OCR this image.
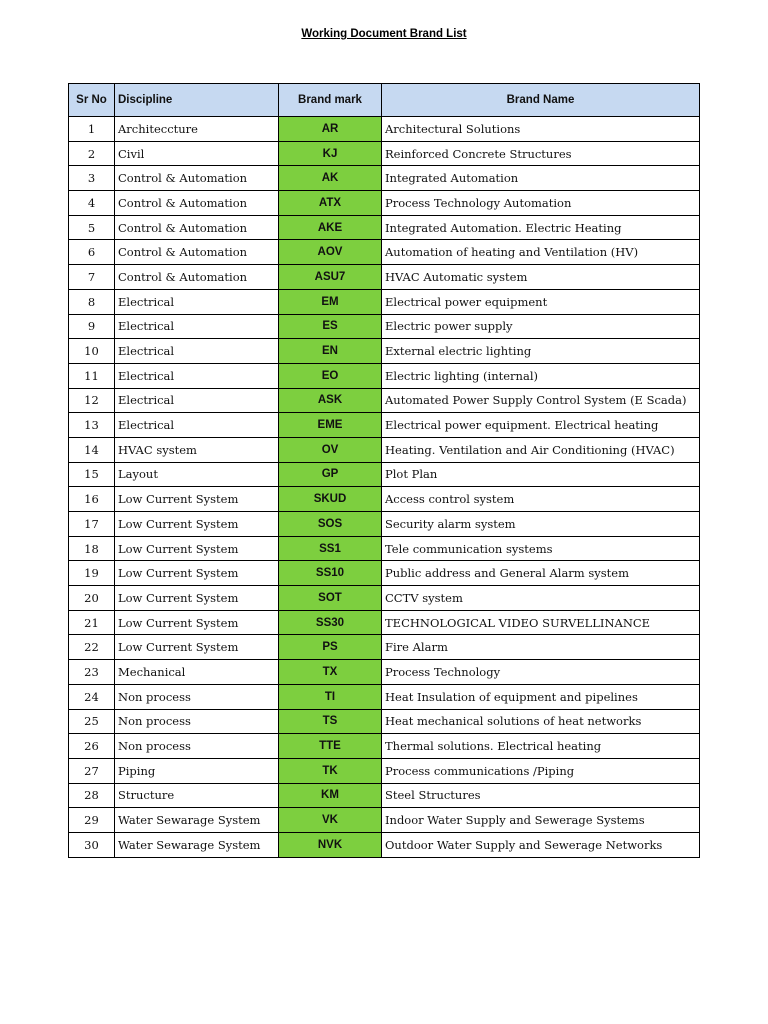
Working Document Brand List
Sr No	Discipline	Brand mark	Brand Name
1	Architeccture	AR	Architectural Solutions
2	Civil	KJ	Reinforced Concrete Structures
3	Control & Automation	AK	Integrated Automation
4	Control & Automation	ATX	Process Technology Automation
5	Control & Automation	AKE	Integrated Automation. Electric Heating
6	Control & Automation	AOV	Automation of heating and Ventilation (HV)
7	Control & Automation	ASU7	HVAC Automatic system
8	Electrical	EM	Electrical power equipment
9	Electrical	ES	Electric power supply
10	Electrical	EN	External electric lighting
11	Electrical	EO	Electric lighting (internal)
12	Electrical	ASK	Automated Power Supply Control System (E Scada)
13	Electrical	EME	Electrical power equipment. Electrical heating
14	HVAC system	OV	Heating. Ventilation and Air Conditioning (HVAC)
15	Layout	GP	Plot Plan
16	Low Current System	SKUD	Access control system
17	Low Current System	SOS	Security alarm system
18	Low Current System	SS1	Tele communication systems
19	Low Current System	SS10	Public address and General Alarm system
20	Low Current System	SOT	CCTV system
21	Low Current System	SS30	TECHNOLOGICAL VIDEO SURVELLINANCE
22	Low Current System	PS	Fire Alarm
23	Mechanical	TX	Process Technology
24	Non process	TI	Heat Insulation of equipment and pipelines
25	Non process	TS	Heat mechanical solutions of heat networks
26	Non process	TTE	Thermal solutions. Electrical heating
27	Piping	TK	Process communications /Piping
28	Structure	KM	Steel Structures
29	Water Sewarage System	VK	Indoor Water Supply and Sewerage Systems
30	Water Sewarage System	NVK	Outdoor Water Supply and Sewerage Networks
